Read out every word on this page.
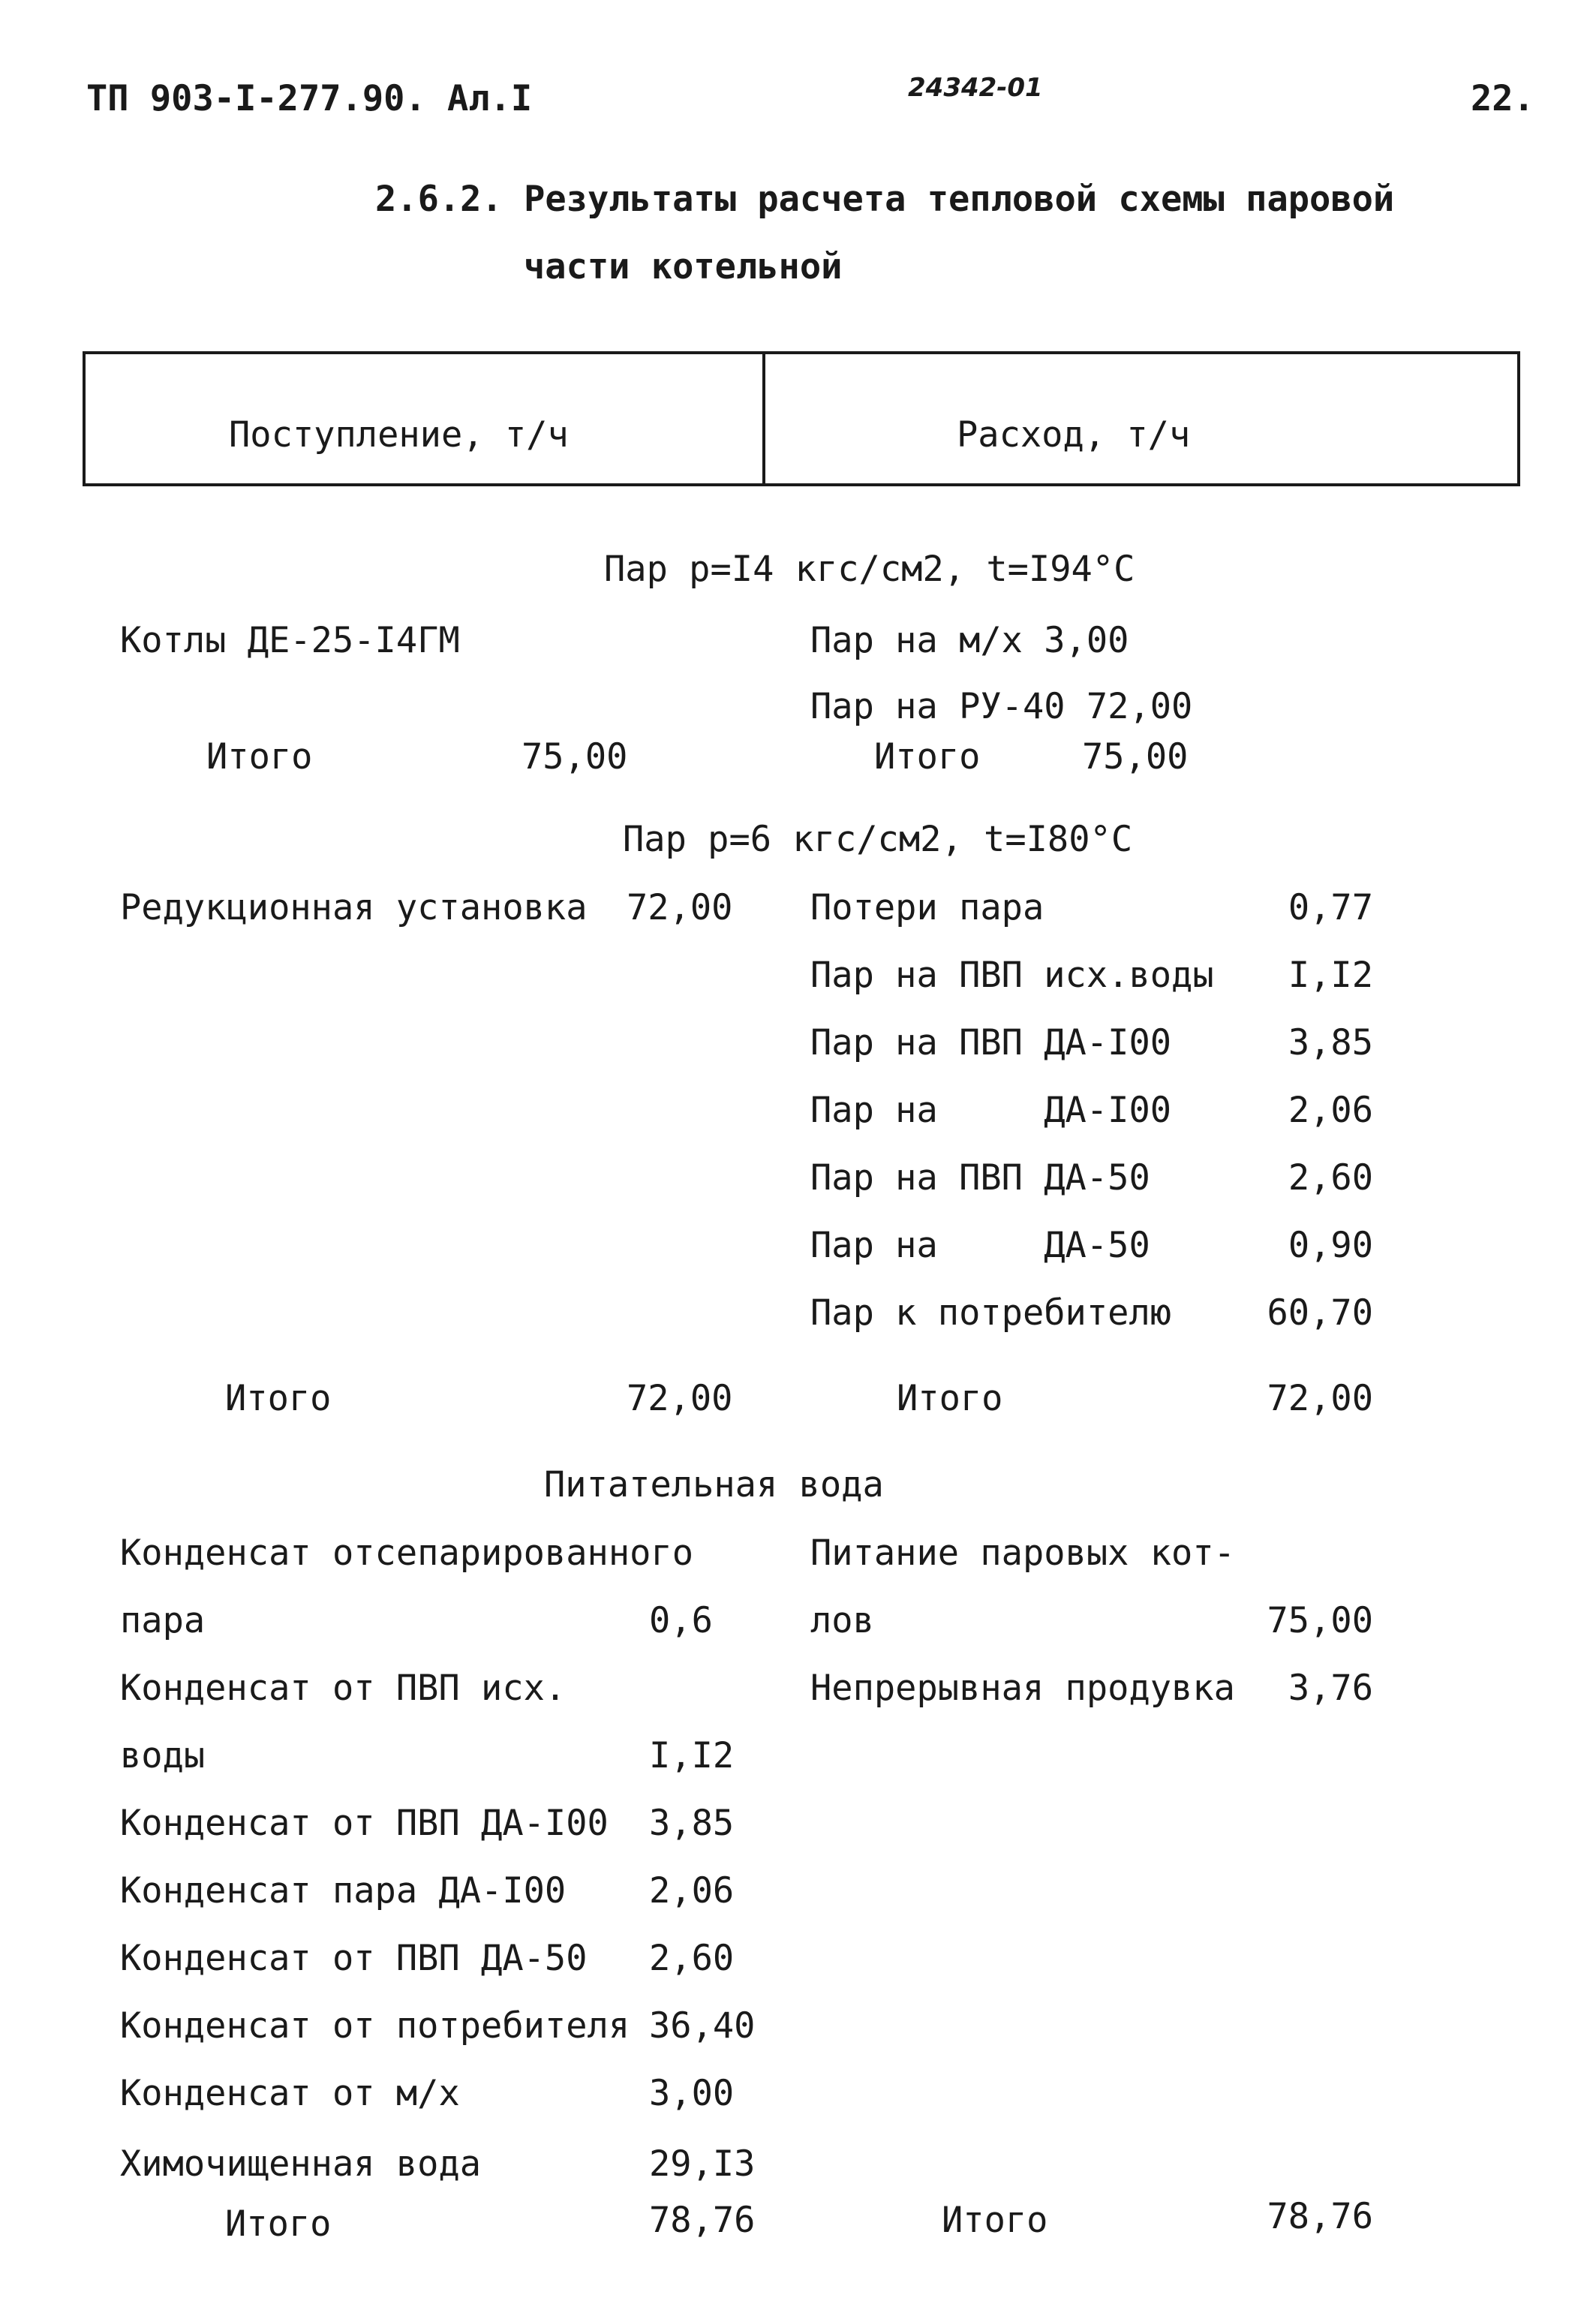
ТП 903-I-277.90. Ал.I	24342-01	22.
2.6.2. Результаты расчета тепловой схемы паровой
части котельной
Поступление, т/ч	Расход, т/ч
Пар р=I4 кгс/см2, t=I94°C
Котлы ДЕ-25-I4ГМ	Пар на м/х 3,00
Пар на РУ-40 72,00
Итого	75,00	Итого	75,00
Пар р=6 кгс/см2, t=I80°C
Редукционная установка 72,00 Потери пара	0,77
Пар на ПВП исх.воды	I,I2
Пар на ПВП ДА-I00	3,85
Пар на     ДА-I00	2,06
Пар на ПВП ДА-50	2,60
Пар на     ДА-50	0,90
Пар к потребителю	60,70
Итого	72,00	Итого	72,00
Питательная вода
Конденсат отсепарированного
пара	0,6
Конденсат от ПВП исх.
воды	I,I2
Конденсат от ПВП ДА-I00 3,85
Конденсат пара ДА-I00 2,06
Конденсат от ПВП ДА-50 2,60
Конденсат от потребителя 36,40
Конденсат от м/х	3,00
Химочищенная вода	29,I3
Питание паровых кот-
лов	75,00
Непрерывная продувка	3,76
Итого	78,76	Итого	78,76
